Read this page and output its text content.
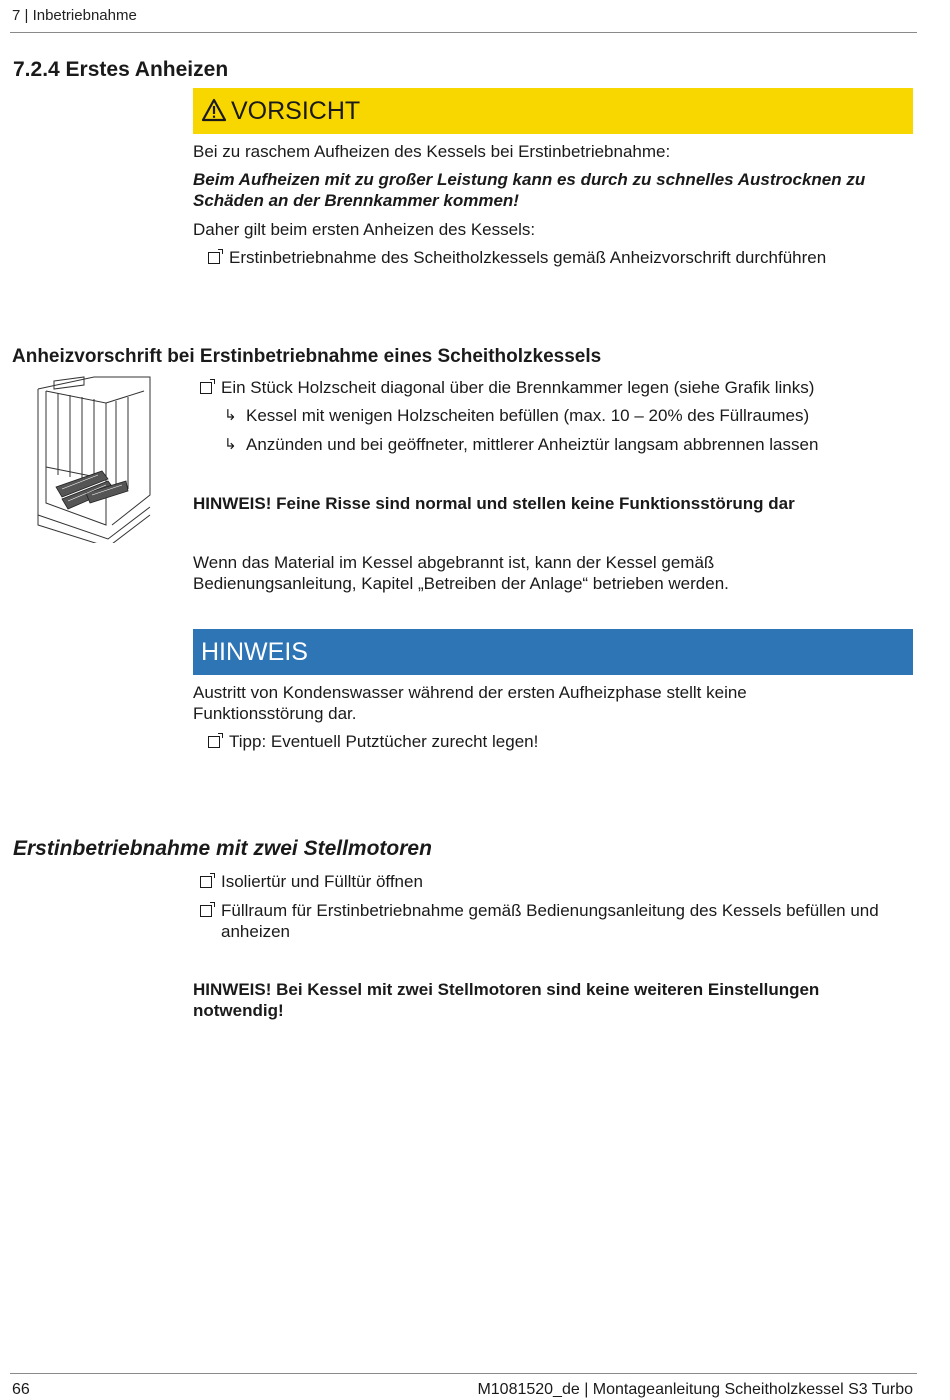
7 | Inbetriebnahme
7.2.4 Erstes Anheizen
VORSICHT
Bei zu raschem Aufheizen des Kessels bei Erstinbetriebnahme:
Beim Aufheizen mit zu großer Leistung kann es durch zu schnelles Austrocknen zu Schäden an der Brennkammer kommen!
Daher gilt beim ersten Anheizen des Kessels:
Erstinbetriebnahme des Scheitholzkessels gemäß Anheizvorschrift durchführen
Anheizvorschrift bei Erstinbetriebnahme eines Scheitholzkessels
Ein Stück Holzscheit diagonal über die Brennkammer legen (siehe Grafik links)
↳ Kessel mit wenigen Holzscheiten befüllen (max. 10 – 20% des Füllraumes)
↳ Anzünden und bei geöffneter, mittlerer Anheiztür langsam abbrennen lassen
HINWEIS! Feine Risse sind normal und stellen keine Funktionsstörung dar
Wenn das Material im Kessel abgebrannt ist, kann der Kessel gemäß Bedienungsanleitung, Kapitel „Betreiben der Anlage“ betrieben werden.
HINWEIS
Austritt von Kondenswasser während der ersten Aufheizphase stellt keine Funktionsstörung dar.
Tipp: Eventuell Putztücher zurecht legen!
Erstinbetriebnahme mit zwei Stellmotoren
Isoliertür und Fülltür öffnen
Füllraum für Erstinbetriebnahme gemäß Bedienungsanleitung des Kessels befüllen und anheizen
HINWEIS! Bei Kessel mit zwei Stellmotoren sind keine weiteren Einstellungen notwendig!
66	M1081520_de | Montageanleitung Scheitholzkessel S3 Turbo
